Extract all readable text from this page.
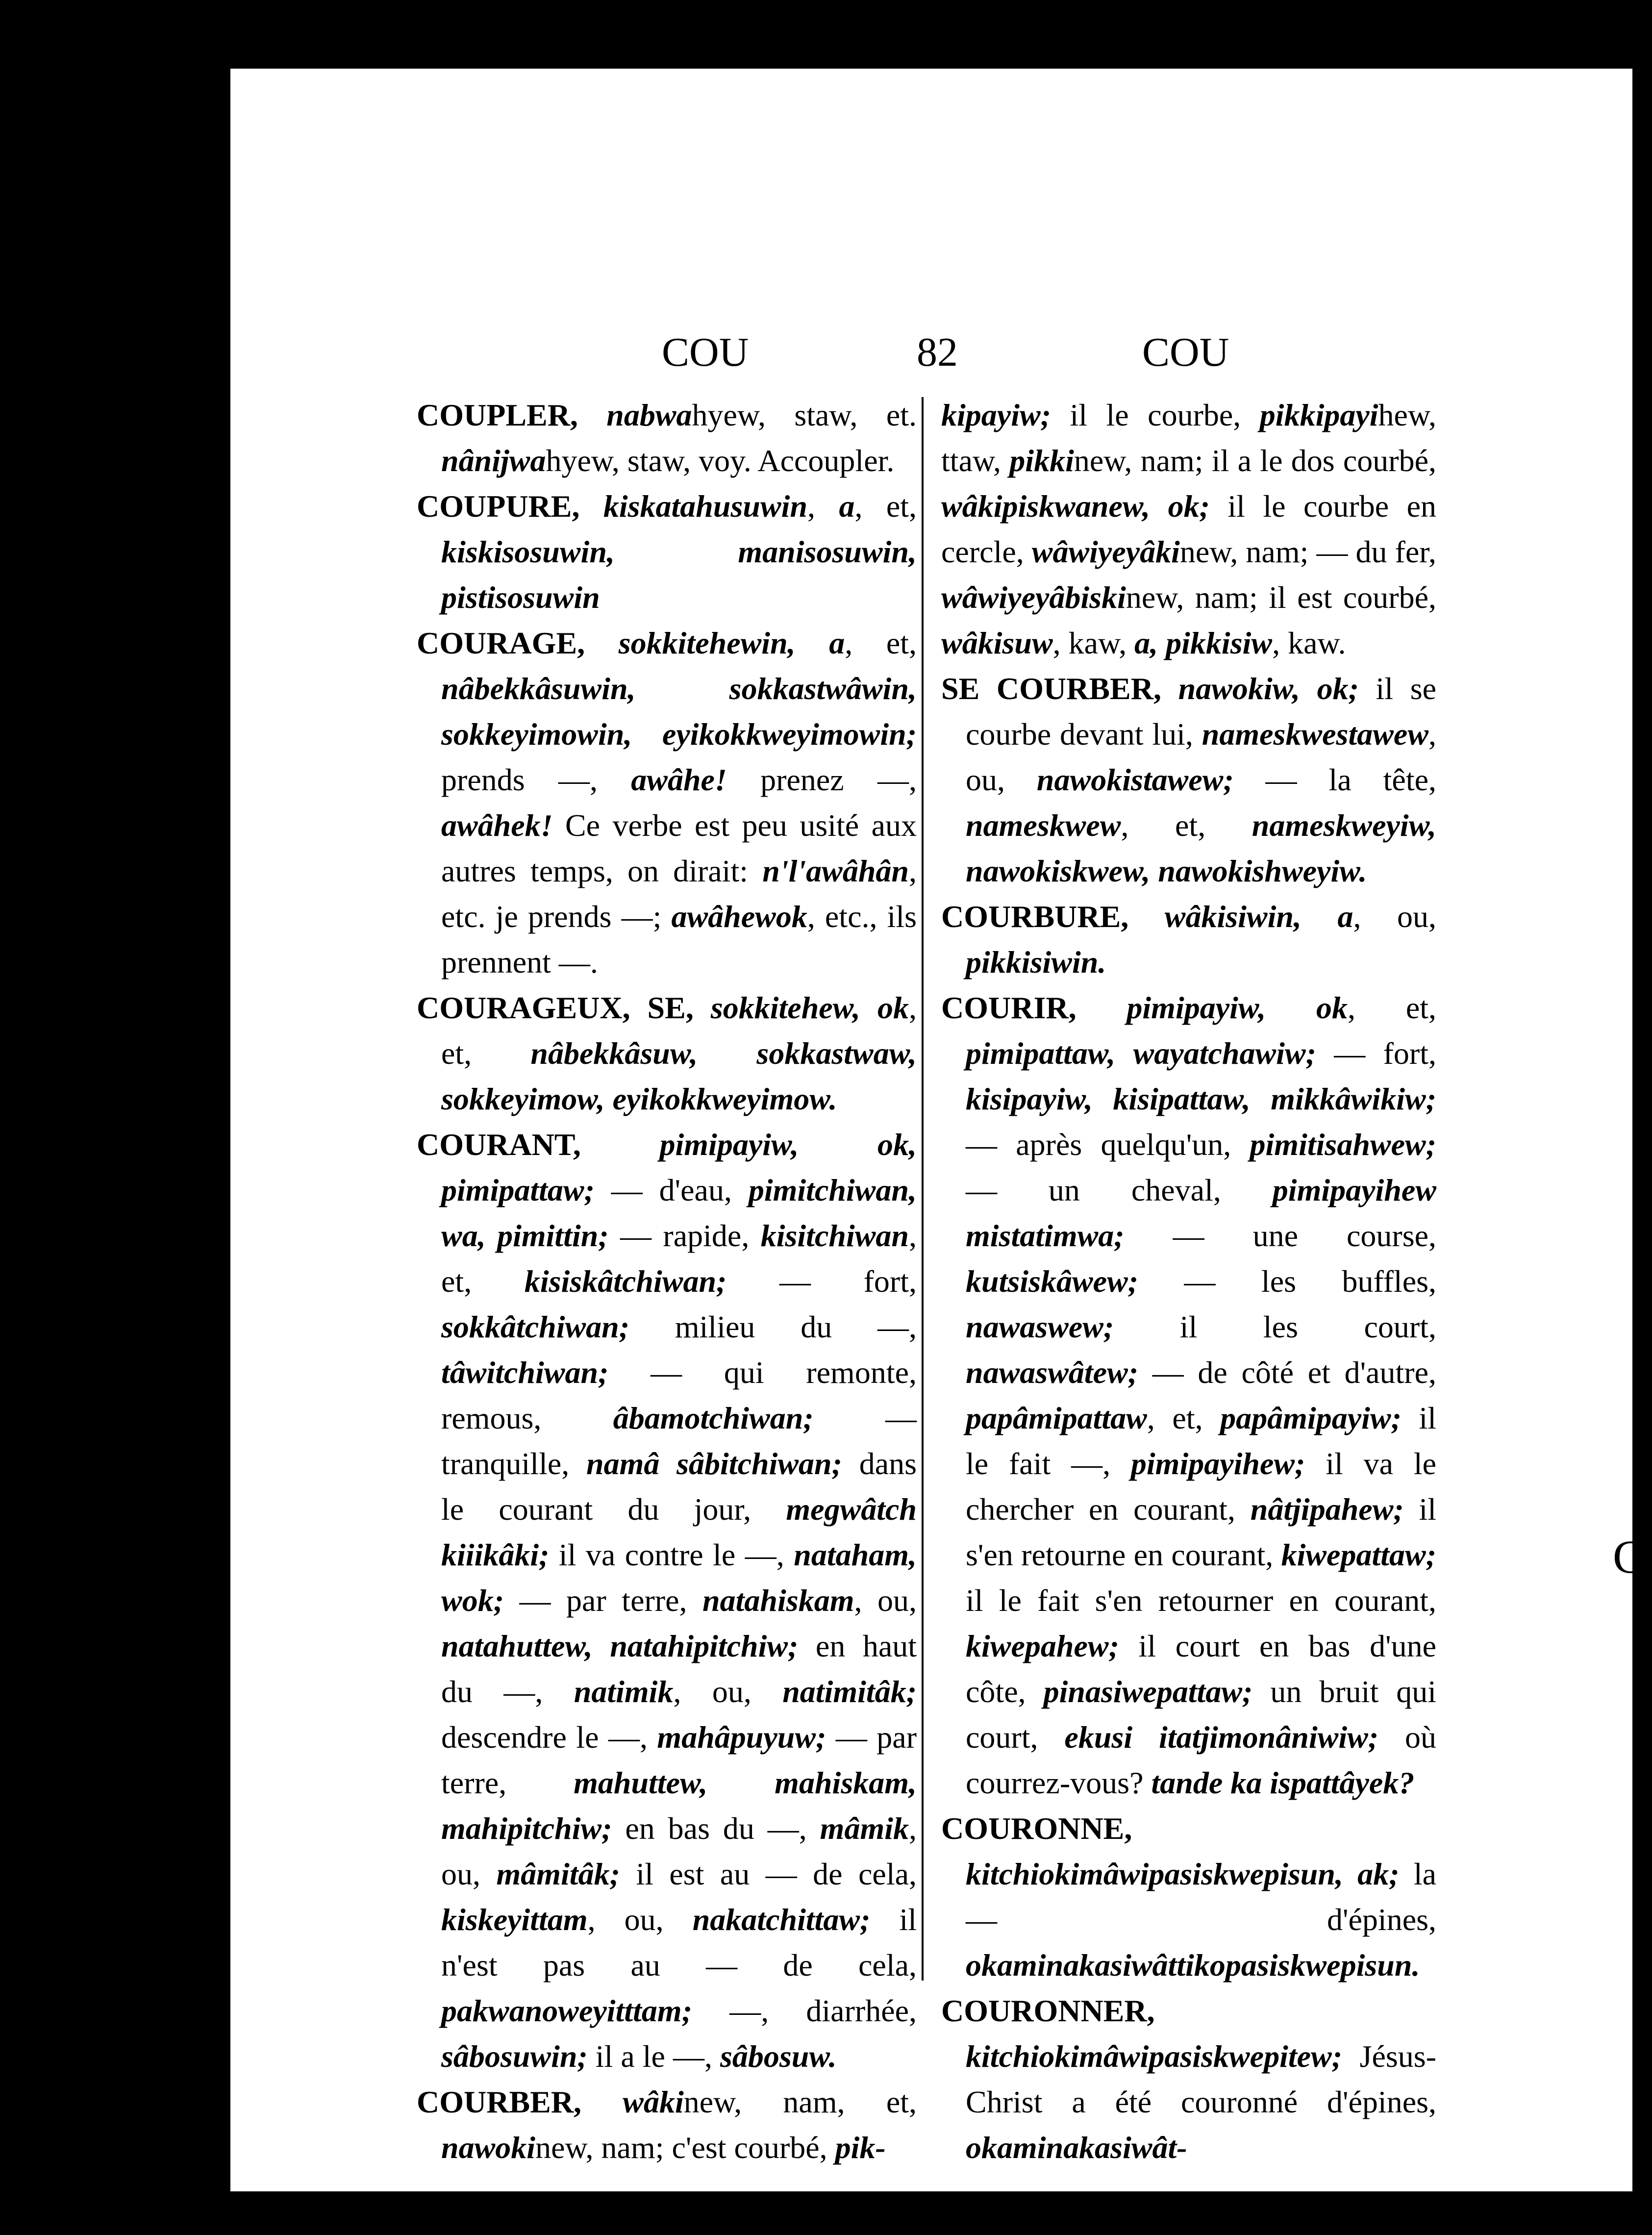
COU	82	COU

COUPLER, nabwahyew, staw, et. nânijwahyew, staw, voy. Accoupler.

COUPURE, kiskatahusuwin, a, et, kiskisosuwin, manisosuwin, pistisosuwin

COURAGE, sokkitehewin, a, et, nâbekkâsuwin, sokkastwâwin, sokkeyimowin, eyikokkweyimowin; prends —, awâhe! prenez —, awâhek! Ce verbe est peu usité aux autres temps, on dirait: n'l'awâhân, etc. je prends —; awâhewok, etc., ils prennent —.

COURAGEUX, SE, sokkitehew, ok, et, nâbekkâsuw, sokkastwaw, sokkeyimow, eyikokkweyimow.

COURANT, pimipayiw, ok, pimipattaw; — d'eau, pimitchiwan, wa, pimittin; — rapide, kisitchiwan, et, kisiskâtchiwan; — fort, sokkâtchiwan; milieu du —, tâwitchiwan; — qui remonte, remous, âbamotchiwan; — tranquille, namâ sâbitchiwan; dans le courant du jour, megwâtch kiiikâki; il va contre le —, nataham, wok; — par terre, natahiskam, ou, natahuttew, natahipitchiw; en haut du —, natimik, ou, natimitâk; descendre le —, mahâpuyuw; — par terre, mahuttew, mahiskam, mahipitchiw; en bas du —, mâmik, ou, mâmitâk; il est au — de cela, kiskeyittam, ou, nakatchittaw; il n'est pas au — de cela, pakwanoweyitttam; —, diarrhée, sâbosuwin; il a le —, sâbosuw.

COURBER, wâkinew, nam, et, nawokinew, nam; c'est courbé, pik-

kipayiw; il le courbe, pikkipayihew, ttaw, pikkinew, nam; il a le dos courbé, wâkipiskwanew, ok; il le courbe en cercle, wâwiyeyâkinew, nam; — du fer, wâwiyeyâbiskinew, nam; il est courbé, wâkisuw, kaw, a, pikkisiw, kaw.

SE COURBER, nawokiw, ok; il se courbe devant lui, nameskwestawew, ou, nawokistawew; — la tête, nameskwew, et, nameskweyiw, nawokiskwew, nawokishweyiw.

COURBURE, wâkisiwin, a, ou, pikkisiwin.

COURIR, pimipayiw, ok, et, pimipattaw, wayatchawiw; — fort, kisipayiw, kisipattaw, mikkâwikiw; — après quelqu'un, pimitisahwew; — un cheval, pimipayihew mistatimwa; — une course, kutsiskâwew; — les buffles, nawaswew; il les court, nawaswâtew; — de côté et d'autre, papâmipattaw, et, papâmipayiw; il le fait —, pimipayihew; il va le chercher en courant, nâtjipahew; il s'en retourne en courant, kiwepattaw; il le fait s'en retourner en courant, kiwepahew; il court en bas d'une côte, pinasiwepattaw; un bruit qui court, ekusi itatjimonâniwiw; où courrez-vous? tande ka ispattâyek?

COURONNE, kitchiokimâwipasiskwepisun, ak; la — d'épines, okaminakasiwâttikopasiskwepisun.

COURONNER, kitchiokimâwipasiskwepitew; Jésus-Christ a été couronné d'épines, okaminakasiwât-

C
